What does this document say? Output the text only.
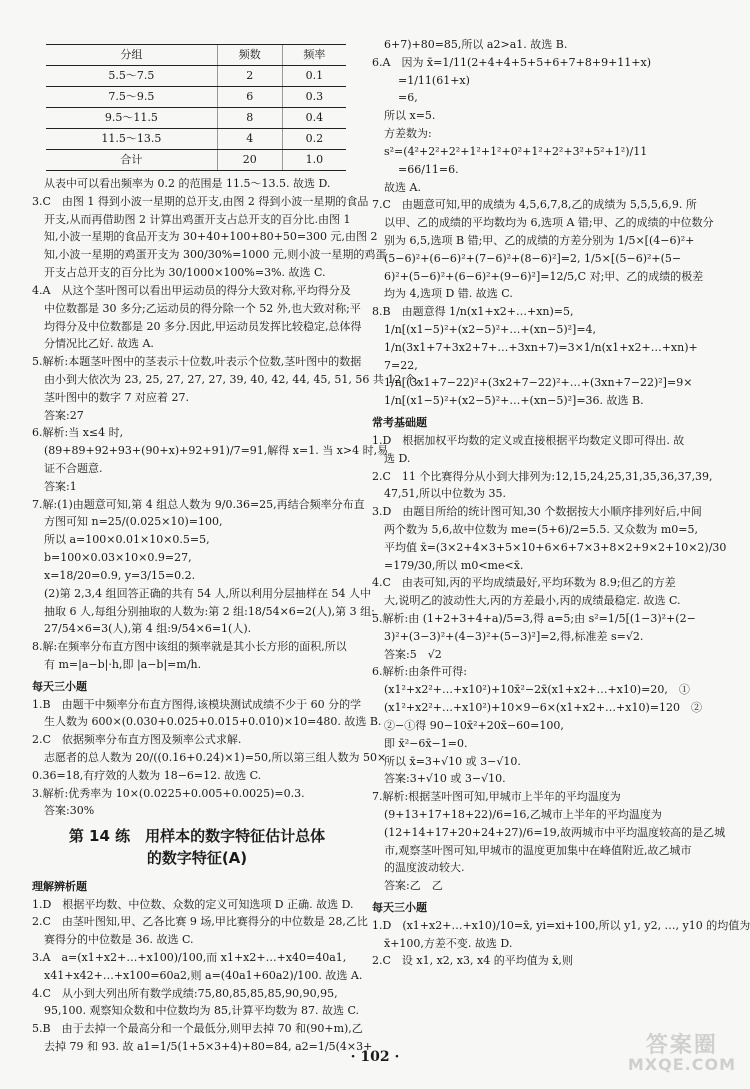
分组	频数	频率
5.5～7.5	2	0.1
7.5～9.5	6	0.3
9.5～11.5	8	0.4
11.5～13.5	4	0.2
合计	20	1.0
从表中可以看出频率为 0.2 的范围是 11.5～13.5. 故选 D.
3.C　由图 1 得到小波一星期的总开支,由图 2 得到小波一星期的食品
开支,从而再借助图 2 计算出鸡蛋开支占总开支的百分比.由图 1
知,小波一星期的食品开支为 30+40+100+80+50=300 元,由图 2
知,小波一星期的鸡蛋开支为 300/30%=1000 元,则小波一星期的鸡蛋
开支占总开支的百分比为 30/1000×100%=3%. 故选 C.
4.A　从这个茎叶图可以看出甲运动员的得分大致对称,平均得分及
中位数都是 30 多分;乙运动员的得分除一个 52 外,也大致对称;平
均得分及中位数都是 20 多分.因此,甲运动员发挥比较稳定,总体得
分情况比乙好. 故选 A.
5.解析:本题茎叶图中的茎表示十位数,叶表示个位数,茎叶图中的数据
由小到大依次为 23, 25, 27, 27, 27, 39, 40, 42, 44, 45, 51, 56 共 12 个,
茎叶图中的数字 7 对应着 27.
答案:27
6.解析:当 x≤4 时,
(89+89+92+93+(90+x)+92+91)/7=91,解得 x=1. 当 x>4 时,易
证不合题意.
答案:1
7.解:(1)由题意可知,第 4 组总人数为 9/0.36=25,再结合频率分布直
方图可知 n=25/(0.025×10)=100,
所以 a=100×0.01×10×0.5=5,
b=100×0.03×10×0.9=27,
x=18/20=0.9, y=3/15=0.2.
(2)第 2,3,4 组回答正确的共有 54 人,所以利用分层抽样在 54 人中
抽取 6 人,每组分别抽取的人数为:第 2 组:18/54×6=2(人),第 3 组:
27/54×6=3(人),第 4 组:9/54×6=1(人).
8.解:在频率分布直方图中该组的频率就是其小长方形的面积,所以
有 m=|a−b|·h,即 |a−b|=m/h.
每天三小题
1.B　由题干中频率分布直方图得,该模块测试成绩不少于 60 分的学
生人数为 600×(0.030+0.025+0.015+0.010)×10=480. 故选 B.
2.C　依据频率分布直方图及频率公式求解.
志愿者的总人数为 20/((0.16+0.24)×1)=50,所以第三组人数为 50×
0.36=18,有疗效的人数为 18−6=12. 故选 C.
3.解析:优秀率为 10×(0.0225+0.005+0.0025)=0.3.
答案:30%
第 14 练　用样本的数字特征估计总体
的数字特征(A)
理解辨析题
1.D　根据平均数、中位数、众数的定义可知选项 D 正确. 故选 D.
2.C　由茎叶图知,甲、乙各比赛 9 场,甲比赛得分的中位数是 28,乙比
赛得分的中位数是 36. 故选 C.
3.A　a=(x1+x2+…+x100)/100,而 x1+x2+…+x40=40a1,
x41+x42+…+x100=60a2,则 a=(40a1+60a2)/100. 故选 A.
4.C　从小到大列出所有数学成绩:75,80,85,85,85,90,90,95,
95,100. 观察知众数和中位数均为 85,计算平均数为 87. 故选 C.
5.B　由于去掉一个最高分和一个最低分,则甲去掉 70 和(90+m),乙
去掉 79 和 93. 故 a1=1/5(1+5×3+4)+80=84, a2=1/5(4×3+
6+7)+80=85,所以 a2>a1. 故选 B.
6.A　因为 x̄=1/11(2+4+4+5+5+6+7+8+9+11+x)
=1/11(61+x)
=6,
所以 x=5.
方差数为:
s²=(4²+2²+2²+1²+1²+0²+1²+2²+3²+5²+1²)/11
=66/11=6.
故选 A.
7.C　由题意可知,甲的成绩为 4,5,6,7,8,乙的成绩为 5,5,5,6,9. 所
以甲、乙的成绩的平均数均为 6,选项 A 错;甲、乙的成绩的中位数分
别为 6,5,选项 B 错;甲、乙的成绩的方差分别为 1/5×[(4−6)²+
(5−6)²+(6−6)²+(7−6)²+(8−6)²]=2, 1/5×[(5−6)²+(5−
6)²+(5−6)²+(6−6)²+(9−6)²]=12/5,C 对;甲、乙的成绩的极差
均为 4,选项 D 错. 故选 C.
8.B　由题意得 1/n(x1+x2+…+xn)=5,
1/n[(x1−5)²+(x2−5)²+…+(xn−5)²]=4,
1/n(3x1+7+3x2+7+…+3xn+7)=3×1/n(x1+x2+…+xn)+
7=22,
1/n[(3x1+7−22)²+(3x2+7−22)²+…+(3xn+7−22)²]=9×
1/n[(x1−5)²+(x2−5)²+…+(xn−5)²]=36. 故选 B.
常考基础题
1.D　根据加权平均数的定义或直接根据平均数定义即可得出. 故
选 D.
2.C　11 个比赛得分从小到大排列为:12,15,24,25,31,35,36,37,39,
47,51,所以中位数为 35.
3.D　由题目所给的统计图可知,30 个数据按大小顺序排列好后,中间
两个数为 5,6,故中位数为 me=(5+6)/2=5.5. 又众数为 m0=5,
平均值 x̄=(3×2+4×3+5×10+6×6+7×3+8×2+9×2+10×2)/30
=179/30,所以 m0<me<x̄.
4.C　由表可知,丙的平均成绩最好,平均环数为 8.9;但乙的方差
大,说明乙的波动性大,丙的方差最小,丙的成绩最稳定. 故选 C.
5.解析:由 (1+2+3+4+a)/5=3,得 a=5;由 s²=1/5[(1−3)²+(2−
3)²+(3−3)²+(4−3)²+(5−3)²]=2,得,标准差 s=√2.
答案:5　√2
6.解析:由条件可得:
(x1²+x2²+…+x10²)+10x̄²−2x̄(x1+x2+…+x10)=20,　①
(x1²+x2²+…+x10²)+10×9−6×(x1+x2+…+x10)=120　②
②−①得 90−10x̄²+20x̄−60=100,
即 x̄²−6x̄−1=0.
所以 x̄=3+√10 或 3−√10.
答案:3+√10 或 3−√10.
7.解析:根据茎叶图可知,甲城市上半年的平均温度为
(9+13+17+18+22)/6=16,乙城市上半年的平均温度为
(12+14+17+20+24+27)/6=19,故两城市中平均温度较高的是乙城
市,观察茎叶图可知,甲城市的温度更加集中在峰值附近,故乙城市
的温度波动较大.
答案:乙　乙
每天三小题
1.D　(x1+x2+…+x10)/10=x̄, yi=xi+100,所以 y1, y2, …, y10 的均值为
x̄+100,方差不变. 故选 D.
2.C　设 x1, x2, x3, x4 的平均值为 x̄,则
· 102 ·	答案圈
MXQE.COM
